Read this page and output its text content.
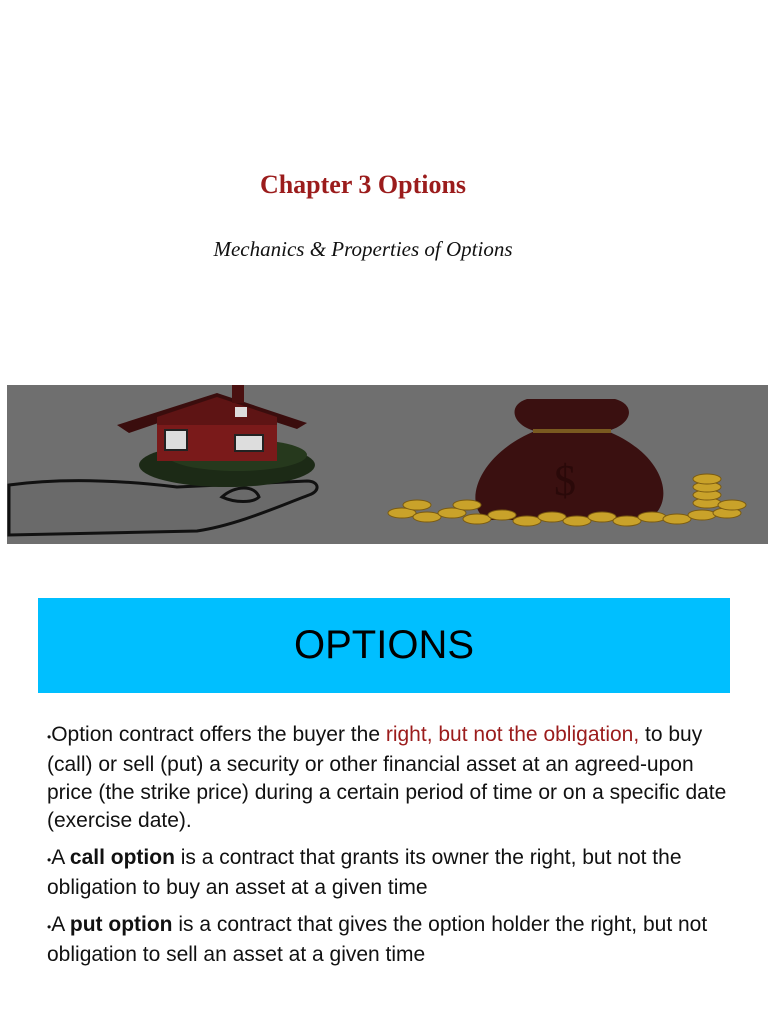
Chapter 3 Options

Mechanics & Properties of Options

$
OPTIONS
•Option contract offers the buyer the right, but not the obligation, to buy (call) or sell (put) a security or other financial asset at an agreed-upon price (the strike price) during a certain period of time or on a specific date (exercise date).
•A call option is a contract that grants its owner the right, but not the obligation to buy an asset at a given time
•A put option is a contract that gives the option holder the right, but not obligation to sell an asset at a given time
